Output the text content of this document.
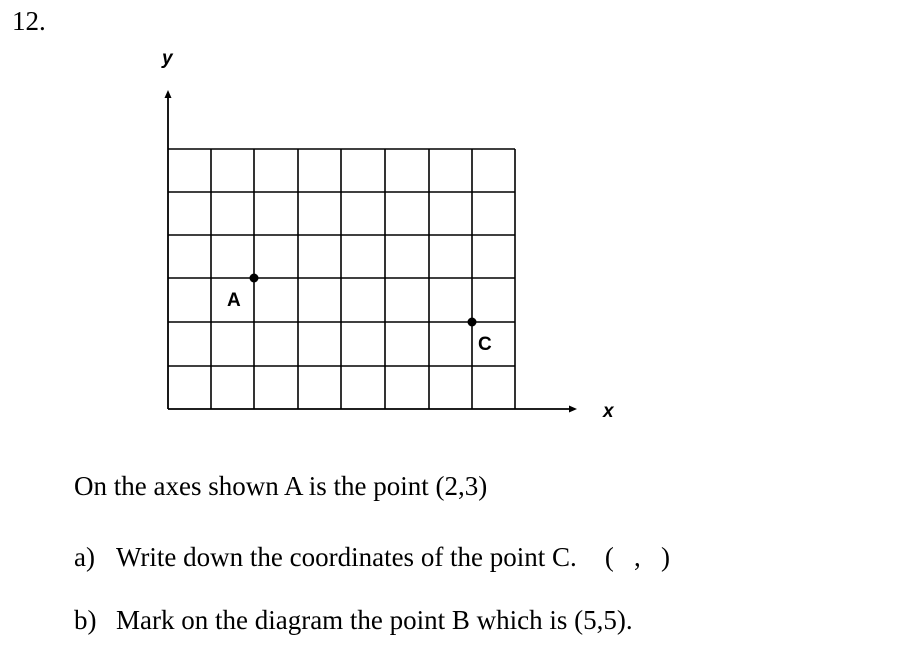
12.
y
x
A
C
On the axes shown A is the point (2,3)
a) Write down the coordinates of the point C. (   ,   )
b) Mark on the diagram the point B which is (5,5).
